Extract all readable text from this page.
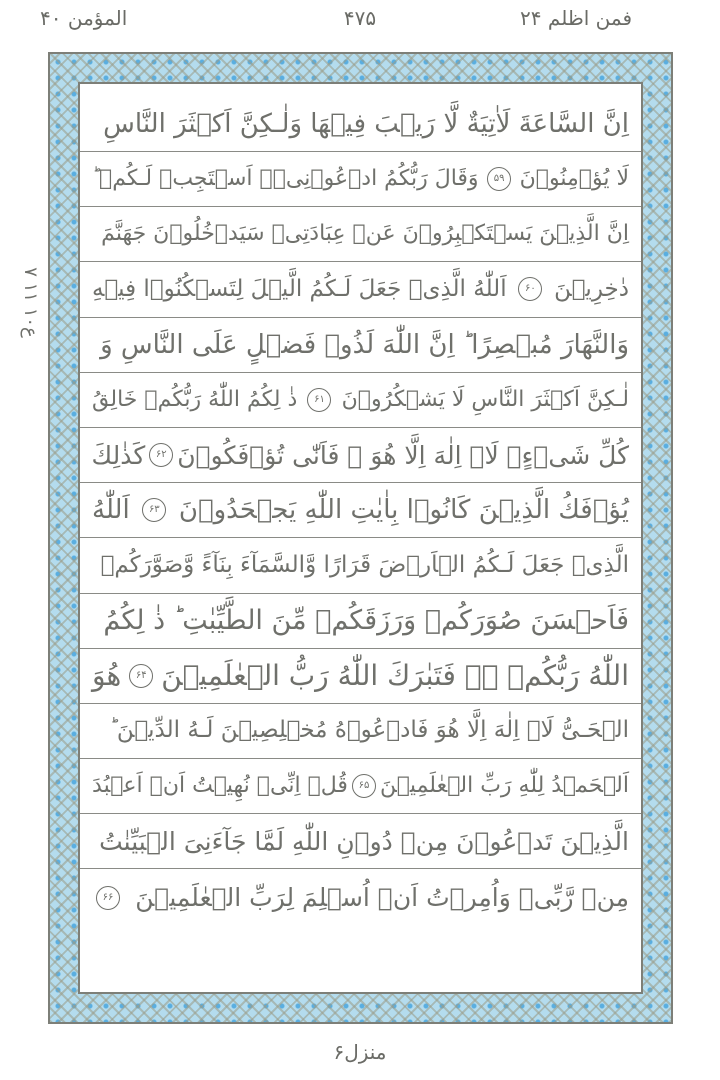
فمن اظلم ۲۴
۴۷۵
المؤمن ۴۰
۷ ع۱۰ ۱۱
اِنَّ السَّاعَةَ لَاٰتِيَةٌ لَّا رَيۡبَ فِيۡهَا وَلٰـكِنَّ اَكۡثَرَ النَّاسِ
لَا يُؤۡمِنُوۡنَ
۵۹
وَقَالَ رَبُّكُمُ ادۡعُوۡنِىۡۤ اَسۡتَجِبۡ لَـكُمۡ ؕ
اِنَّ الَّذِيۡنَ يَسۡتَكۡبِرُوۡنَ عَنۡ عِبَادَتِىۡ سَيَدۡخُلُوۡنَ جَهَنَّمَ
دٰخِرِيۡنَ
۶۰
اَللّٰهُ الَّذِىۡ جَعَلَ لَـكُمُ الَّيۡلَ لِتَسۡكُنُوۡا فِيۡهِ
وَالنَّهَارَ مُبۡصِرًا ؕ اِنَّ اللّٰهَ لَذُوۡ فَضۡلٍ عَلَى النَّاسِ وَ
لٰـكِنَّ اَكۡثَرَ النَّاسِ لَا يَشۡكُرُوۡنَ
۶۱
ذٰ لِكُمُ اللّٰهُ رَبُّكُمۡ خَالِقُ
كُلِّ شَىۡءٍ‌ۘ لَاۤ اِلٰهَ اِلَّا هُوَ‌ ۖ فَاَنّٰى تُؤۡفَكُوۡنَ
۶۲
كَذٰلِكَ
يُؤۡفَكُ الَّذِيۡنَ كَانُوۡا بِاٰيٰتِ اللّٰهِ يَجۡحَدُوۡنَ
۶۳
اَللّٰهُ
الَّذِىۡ جَعَلَ لَـكُمُ الۡاَرۡضَ قَرَارًا وَّالسَّمَآءَ بِنَآءً وَّصَوَّرَكُمۡ
فَاَحۡسَنَ صُوَرَكُمۡ وَرَزَقَكُمۡ مِّنَ الطَّيِّبٰتِ‌ ؕ ذٰ لِكُمُ
اللّٰهُ رَبُّكُمۡ ۖۚ فَتَبٰرَكَ اللّٰهُ رَبُّ الۡعٰلَمِيۡنَ
۶۴
هُوَ
الۡحَـىُّ لَاۤ اِلٰهَ اِلَّا هُوَ فَادۡعُوۡهُ مُخۡلِصِيۡنَ لَـهُ الدِّيۡنَ ؕ
اَلۡحَمۡدُ لِلّٰهِ رَبِّ الۡعٰلَمِيۡنَ
۶۵
قُلۡ اِنِّىۡ نُهِيۡتُ اَنۡ اَعۡبُدَ
الَّذِيۡنَ تَدۡعُوۡنَ مِنۡ دُوۡنِ اللّٰهِ لَمَّا جَآءَنِىَ الۡبَيِّنٰتُ
مِنۡ رَّبِّىۡ وَاُمِرۡتُ اَنۡ اُسۡلِمَ لِرَبِّ الۡعٰلَمِيۡنَ
۶۶
منزل۶
